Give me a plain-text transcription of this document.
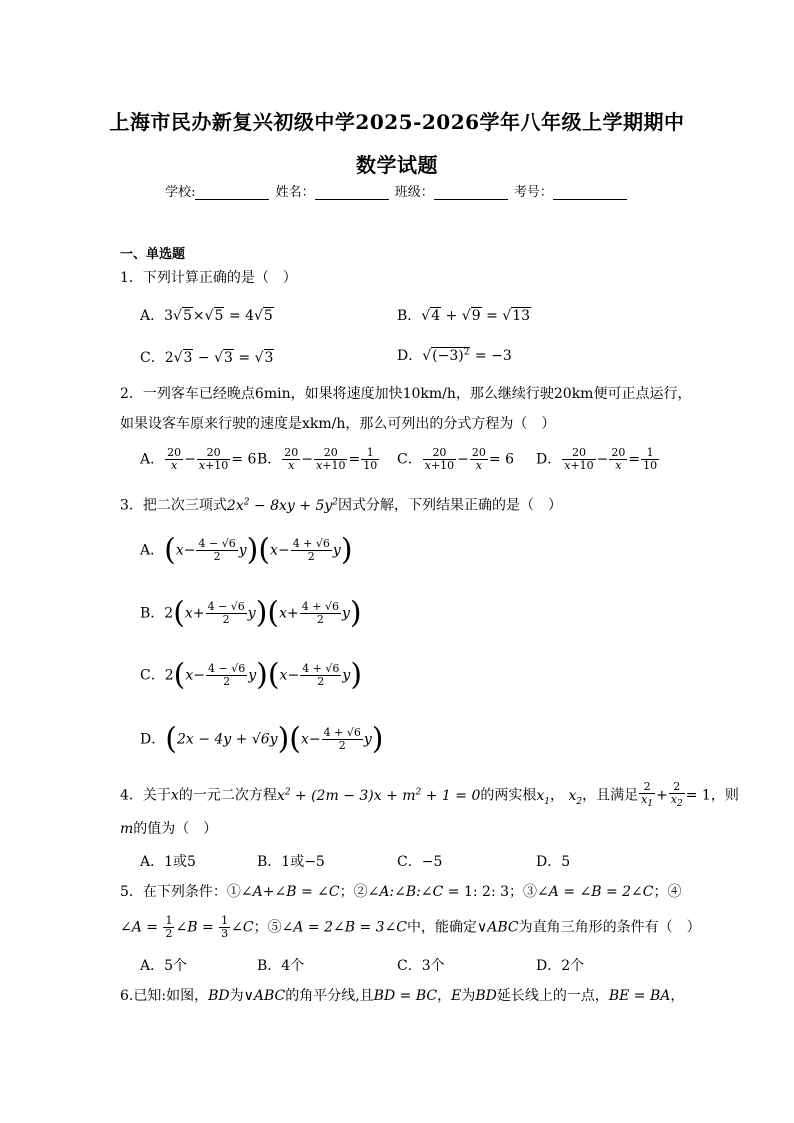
上海市民办新复兴初级中学2025-2026学年八年级上学期期中
数学试题
学校:	姓名：	班级：	考号：
一、单选题
1．下列计算正确的是（　）
A．3√5×√5 = 4√5	B．√4 + √9 = √13
C．2√3 − √3 = √3	D．$√(-3)^2 = -3$
2．一列客车已经晚点6min，如果将速度加快10km/h，那么继续行驶20km便可正点运行，
如果设客车原来行驶的速度是xkm/h，那么可列出的分式方程为（　）
A． $\frac{20}{x} - \frac{20}{x+10} = 6$ B． $\frac{20}{x} - \frac{20}{x+10} = \frac{1}{10}$ C． $\frac{20}{x+10} - \frac{20}{x} = 6$ D． $\frac{20}{x+10} - \frac{20}{x} = \frac{1}{10}$
3．把二次三项式$2x^2 - 8xy + 5y^2$因式分解，下列结果正确的是（　）
A．$(x- \frac{4 - √6}{2} y)(x- \frac{4 + √6}{2} y)$
B．$2(x+ \frac{4 - √6}{2} y)(x+ \frac{4 + √6}{2} y)$
C．$2(x- \frac{4 - √6}{2} y)(x- \frac{4 + √6}{2} y)$
D．$(2x - 4y + √6y)(x- \frac{4 + √6}{2} y)$
4．关于x的一元二次方程$x^2 + (2m - 3)x + m^2 + 1 = 0$的两实根$x_1$， $x_2$，且满足 $\frac{2}{x_1} + \frac{2}{x_2} = 1$，则
m的值为（　）
A．1或5	B．1或−5	C．−5	D．5
5．在下列条件：①∠A+∠B = ∠C；②∠A:∠B:∠C = 1: 2: 3；③∠A = ∠B = 2∠C；④
∠A = $\frac{1}{2}$ ∠B = $\frac{1}{3}$ ∠C；⑤∠A = 2∠B = 3∠C中，能确定∨ABC为直角三角形的条件有（　）
A．5个	B．4个	C．3个	D．2个
6.已知:如图，BD为∨ABC的角平分线,且BD = BC，E为BD延长线上的一点，BE = BA，
